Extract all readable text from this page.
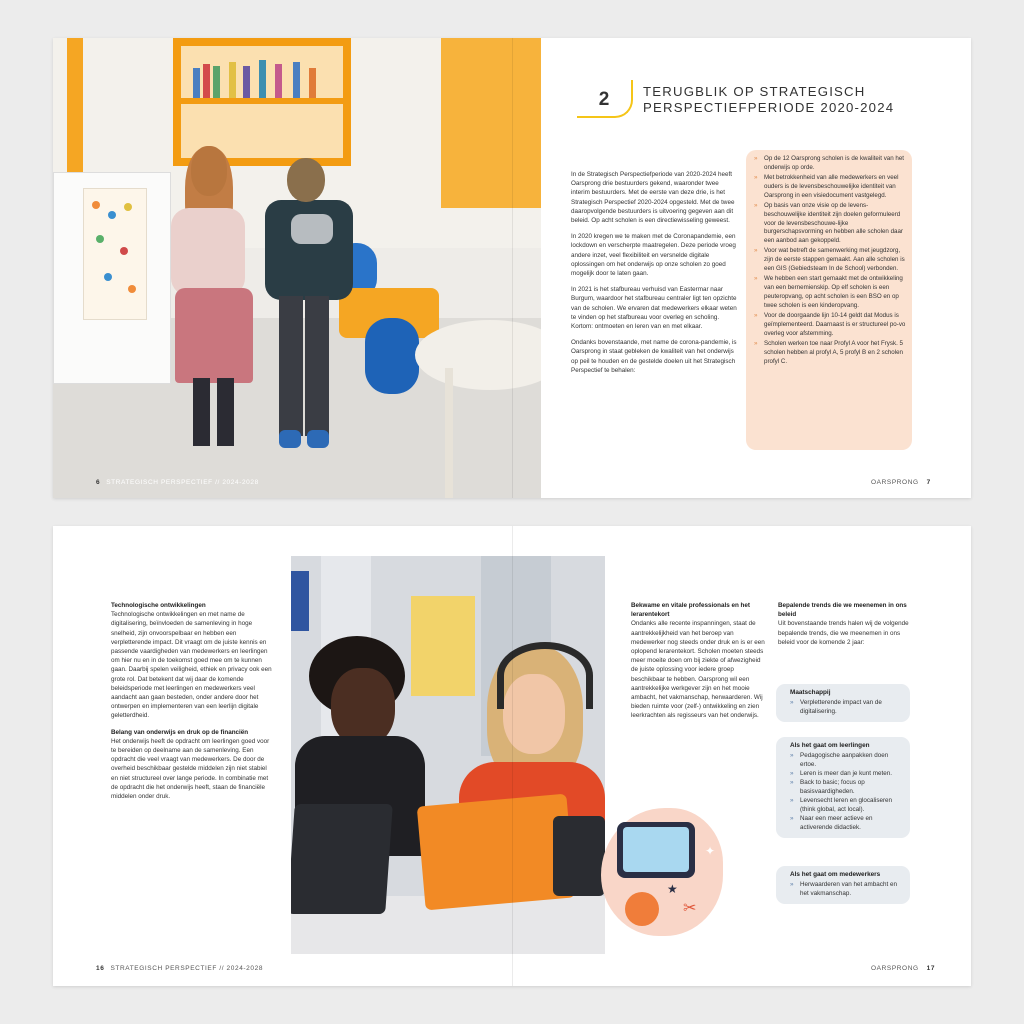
6 STRATEGISCH PERSPECTIEF // 2024-2028
2	TERUGBLIK OP STRATEGISCH
PERSPECTIEFPERIODE 2020-2024

In de Strategisch Perspectiefperiode van 2020-2024 heeft Oarsprong drie bestuurders gekend, waaronder twee interim bestuurders. Met de eerste van deze drie, is het Strategisch Perspectief 2020-2024 opgesteld. Met de twee daaropvolgende bestuurders is uitvoering gegeven aan dit beleid. Op acht scholen is een directiewisseling geweest.

In 2020 kregen we te maken met de Coronapandemie, een lockdown en verscherpte maatregelen. Deze periode vroeg andere inzet, veel flexibiliteit en versnelde digitale oplossingen om het onderwijs op onze scholen zo goed mogelijk door te laten gaan.

In 2021 is het stafbureau verhuisd van Eastermar naar Burgum, waardoor het stafbureau centraler ligt ten opzichte van de scholen. We ervaren dat medewerkers elkaar weten te vinden op het stafbureau voor overleg en scholing. Kortom: ontmoeten en leren van en met elkaar.

Ondanks bovenstaande, met name de corona-pandemie, is Oarsprong in staat gebleken de kwaliteit van het onderwijs op peil te houden en de gestelde doelen uit het Strategisch Perspectief te behalen:

» Op de 12 Oarsprong scholen is de kwaliteit van het onderwijs op orde.
» Met betrokkenheid van alle medewerkers en veel ouders is de levensbeschouwelijke identiteit van Oarsprong in een visiedocument vastgelegd.
» Op basis van onze visie op de levens-beschouwelijke identiteit zijn doelen geformuleerd voor de levensbeschouwe-lijke burgerschapsvorming en hebben alle scholen daar een aanbod aan gekoppeld.
» Voor wat betreft de samenwerking met jeugdzorg, zijn de eerste stappen gemaakt. Aan alle scholen is een GIS (Gebiedsteam In de School) verbonden.
» We hebben een start gemaakt met de ontwikkeling van een bernemienskip. Op elf scholen is een peuteropvang, op acht scholen is een BSO en op twee scholen is een kinderopvang.
» Voor de doorgaande lijn 10-14 geldt dat Modus is geïmplementeerd. Daarnaast is er structureel po-vo overleg voor afstemming.
» Scholen werken toe naar Profyl A voor het Frysk. 5 scholen hebben al profyl A, 5 profyl B en 2 scholen profyl C.
OARSPRONG 7
Technologische ontwikkelingen

Technologische ontwikkelingen en met name de digitalisering, beïnvloeden de samenleving in hoge snelheid, zijn onvoorspelbaar en hebben een verpletterende impact. Dit vraagt om de juiste kennis en passende vaardigheden van medewerkers en leerlingen om hier nu en in de toekomst goed mee om te kunnen gaan. Daarbij spelen veiligheid, ethiek en privacy ook een grote rol. Dat betekent dat wij daar de komende beleidsperiode met leerlingen en medewerkers veel aandacht aan gaan besteden, onder andere door het ontwerpen en implementeren van een leerlijn digitale geletterdheid.

Belang van onderwijs en druk op de financiën

Het onderwijs heeft de opdracht om leerlingen goed voor te bereiden op deelname aan de samenleving. Een opdracht die veel vraagt van medewerkers. De door de overheid beschikbaar gestelde middelen zijn niet stabiel en niet structureel over lange periode. In combinatie met de opdracht die het onderwijs heeft, staan de financiële middelen onder druk.

Bekwame en vitale professionals en het lerarentekort

Ondanks alle recente inspanningen, staat de aantrekkelijkheid van het beroep van medewerker nog steeds onder druk en is er een oplopend lerarentekort. Scholen moeten steeds meer moeite doen om bij ziekte of afwezigheid de juiste oplossing voor iedere groep beschikbaar te hebben. Oarsprong wil een aantrekkelijke werkgever zijn en het mooie ambacht, het vakmanschap, herwaarderen. Wij bieden ruimte voor (zelf-) ontwikkeling en zien leerkrachten als regisseurs van het onderwijs.

★
✦
✂
Bepalende trends die we meenemen in ons beleid

Uit bovenstaande trends halen wij de volgende bepalende trends, die we meenemen in ons beleid voor de komende 2 jaar:

Maatschappij
» Verpletterende impact van de digitalisering.
Als het gaat om leerlingen
» Pedagogische aanpakken doen ertoe.
» Leren is meer dan je kunt meten.
» Back to basic; focus op basisvaardigheden.
» Levensecht leren en glocaliseren (think global, act local).
» Naar een meer actieve en activerende didactiek.
Als het gaat om medewerkers
» Herwaarderen van het ambacht en het vakmanschap.
16 STRATEGISCH PERSPECTIEF // 2024-2028	OARSPRONG 17
